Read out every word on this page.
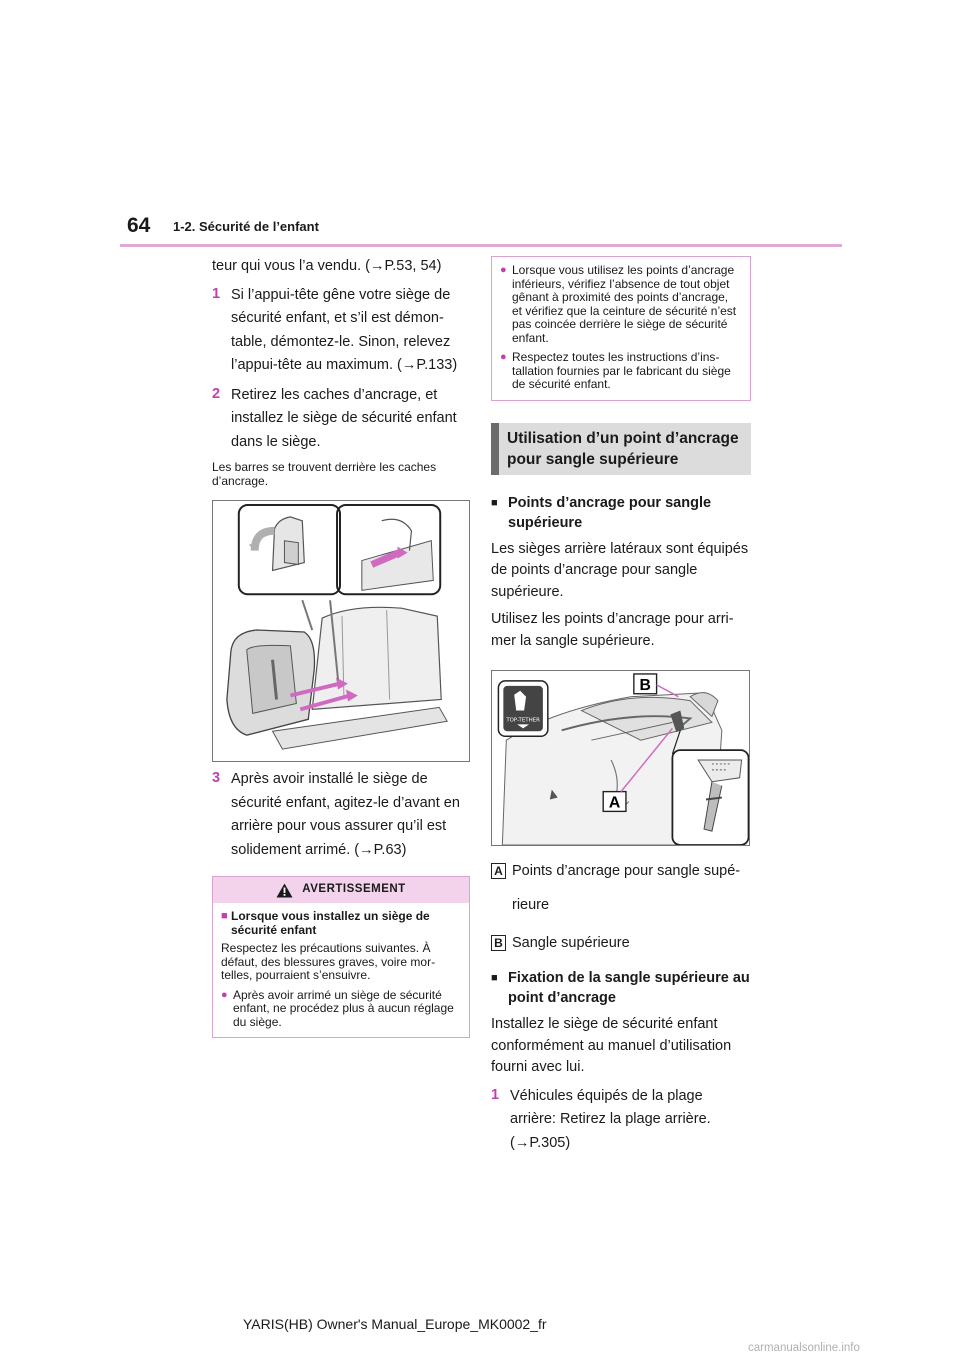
64 1-2. Sécurité de l’enfant

teur qui vous l’a vendu. (→P.53, 54)

1 Si l’appui-tête gêne votre siège de sécurité enfant, et s’il est démontable, démontez-le. Sinon, relevez l’appui-tête au maximum. (→P.133)
2 Retirez les caches d’ancrage, et installez le siège de sécurité enfant dans le siège.

Les barres se trouvent derrière les caches d’ancrage.

3 Après avoir installé le siège de sécurité enfant, agitez-le d’avant en arrière pour vous assurer qu’il est solidement arrimé. (→P.63)
AVERTISSEMENT
■ Lorsque vous installez un siège de sécurité enfant

Respectez les précautions suivantes. À défaut, des blessures graves, voire mortelles, pourraient s’ensuivre.

● Après avoir arrimé un siège de sécurité enfant, ne procédez plus à aucun réglage du siège.
● Lorsque vous utilisez les points d’ancrage inférieurs, vérifiez l’absence de tout objet gênant à proximité des points d’ancrage, et vérifiez que la ceinture de sécurité n’est pas coincée derrière le siège de sécurité enfant.
● Respectez toutes les instructions d’installation fournies par le fabricant du siège de sécurité enfant.
Utilisation d’un point d’ancrage pour sangle supérieure
■ Points d’ancrage pour sangle supérieure

Les sièges arrière latéraux sont équipés de points d’ancrage pour sangle supérieure.

Utilisez les points d’ancrage pour arrimer la sangle supérieure.

TOP-TETHER
B
A
A Points d’ancrage pour sangle supérieure
B Sangle supérieure
■ Fixation de la sangle supérieure au point d’ancrage

Installez le siège de sécurité enfant conformément au manuel d’utilisation fourni avec lui.

1 Véhicules équipés de la plage arrière: Retirez la plage arrière. (→P.305)
YARIS(HB) Owner's Manual_Europe_MK0002_fr
carmanualsonline.info
